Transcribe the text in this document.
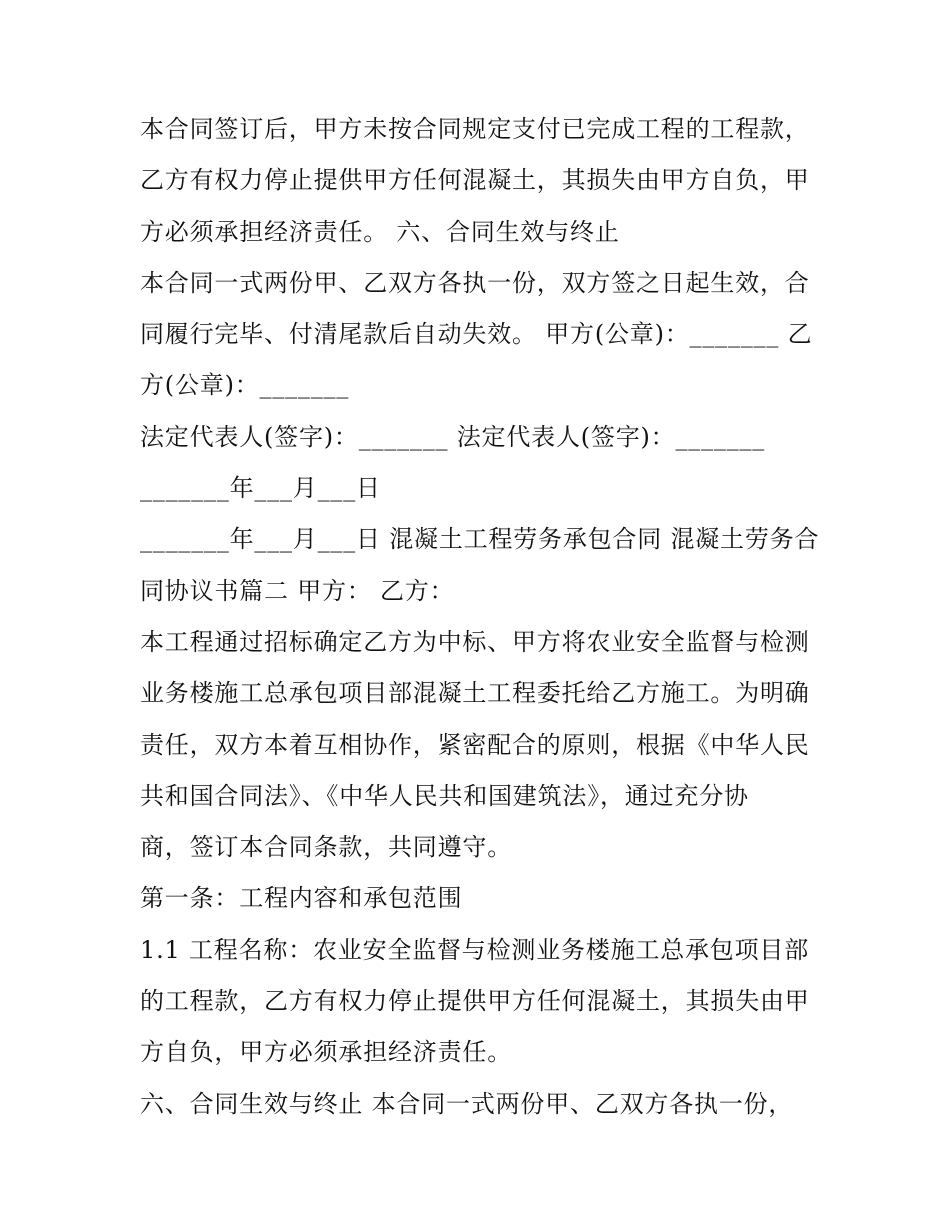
本合同签订后，甲方未按合同规定支付已完成工程的工程款，
乙方有权力停止提供甲方任何混凝土，其损失由甲方自负，甲
方必须承担经济责任。 六、合同生效与终止
本合同一式两份甲、乙双方各执一份，双方签之日起生效，合
同履行完毕、付清尾款后自动失效。 甲方(公章)：_______ 乙
方(公章)：_______
法定代表人(签字)：_______ 法定代表人(签字)：_______
_______年___月___日
_______年___月___日 混凝土工程劳务承包合同 混凝土劳务合
同协议书篇二 甲方： 乙方：
本工程通过招标确定乙方为中标、甲方将农业安全监督与检测
业务楼施工总承包项目部混凝土工程委托给乙方施工。为明确
责任，双方本着互相协作，紧密配合的原则，根据《中华人民
共和国合同法》、《中华人民共和国建筑法》，通过充分协
商，签订本合同条款，共同遵守。
第一条：工程内容和承包范围
1.1 工程名称：农业安全监督与检测业务楼施工总承包项目部
的工程款，乙方有权力停止提供甲方任何混凝土，其损失由甲
方自负，甲方必须承担经济责任。
六、合同生效与终止 本合同一式两份甲、乙双方各执一份，
